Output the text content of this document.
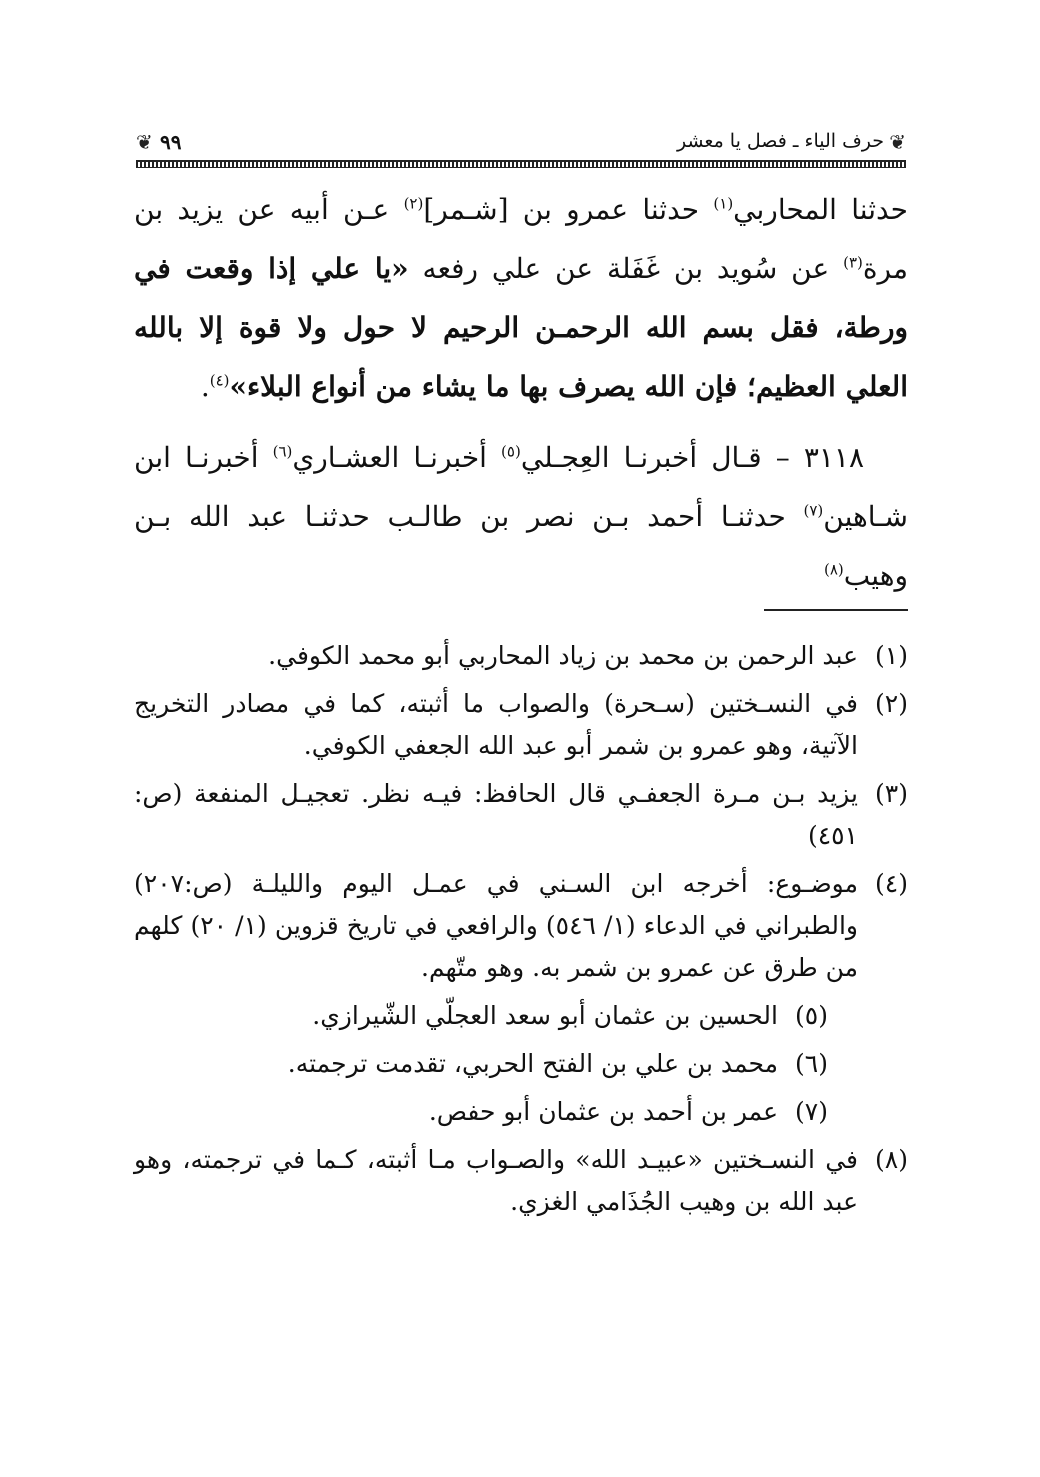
❦
حرف الياء ـ فصل يا معشر
٩٩
❦

حدثنا المحاربي$^{(١)}$ حدثنا عمرو بن [شـمر]$^{(٢)}$ عـن أبيه عن يزيد بن مرة$^{(٣)}$ عن سُويد بن غَفَلة عن علي رفعه «يا علي إذا وقعت في ورطة، فقل بسم الله الرحمـن الرحيم لا حول ولا قوة إلا بالله العلي العظيم؛ فإن الله يصرف بها ما يشاء من أنواع البلاء»$^{(٤)}$.

٣١١٨ – قـال أخبرنـا العِجـلي$^{(٥)}$ أخبرنـا العشـاري$^{(٦)}$ أخبرنـا ابن شـاهين$^{(٧)}$ حدثنـا أحمد بـن نصر بن طالـب حدثنـا عبد الله بـن وهيب$^{(٨)}$

(١)
عبد الرحمن بن محمد بن زياد المحاربي أبو محمد الكوفي.
(٢)
في النسـختين (سـحرة) والصواب ما أثبته، كما في مصادر التخريج الآتية، وهو عمرو بن شمر أبو عبد الله الجعفي الكوفي.
(٣)
يزيد بـن مـرة الجعفـي قال الحافظ: فيـه نظر. تعجيـل المنفعة (ص: ٤٥١)
(٤)
موضـوع: أخرجه ابن السـني في عمـل اليوم والليلـة (ص:٢٠٧) والطبراني في الدعاء (١/ ٥٤٦) والرافعي في تاريخ قزوين (١/ ٢٠) كلهم من طرق عن عمرو بن شمر به. وهو متّهم.
(٥)
الحسين بن عثمان أبو سعد العجلّي الشّيرازي.
(٦)
محمد بن علي بن الفتح الحربي، تقدمت ترجمته.
(٧)
عمر بن أحمد بن عثمان أبو حفص.
(٨)
في النسـختين «عبيـد الله» والصـواب مـا أثبته، كـما في ترجمته، وهو عبد الله بن وهيب الجُذَامي الغزي.
